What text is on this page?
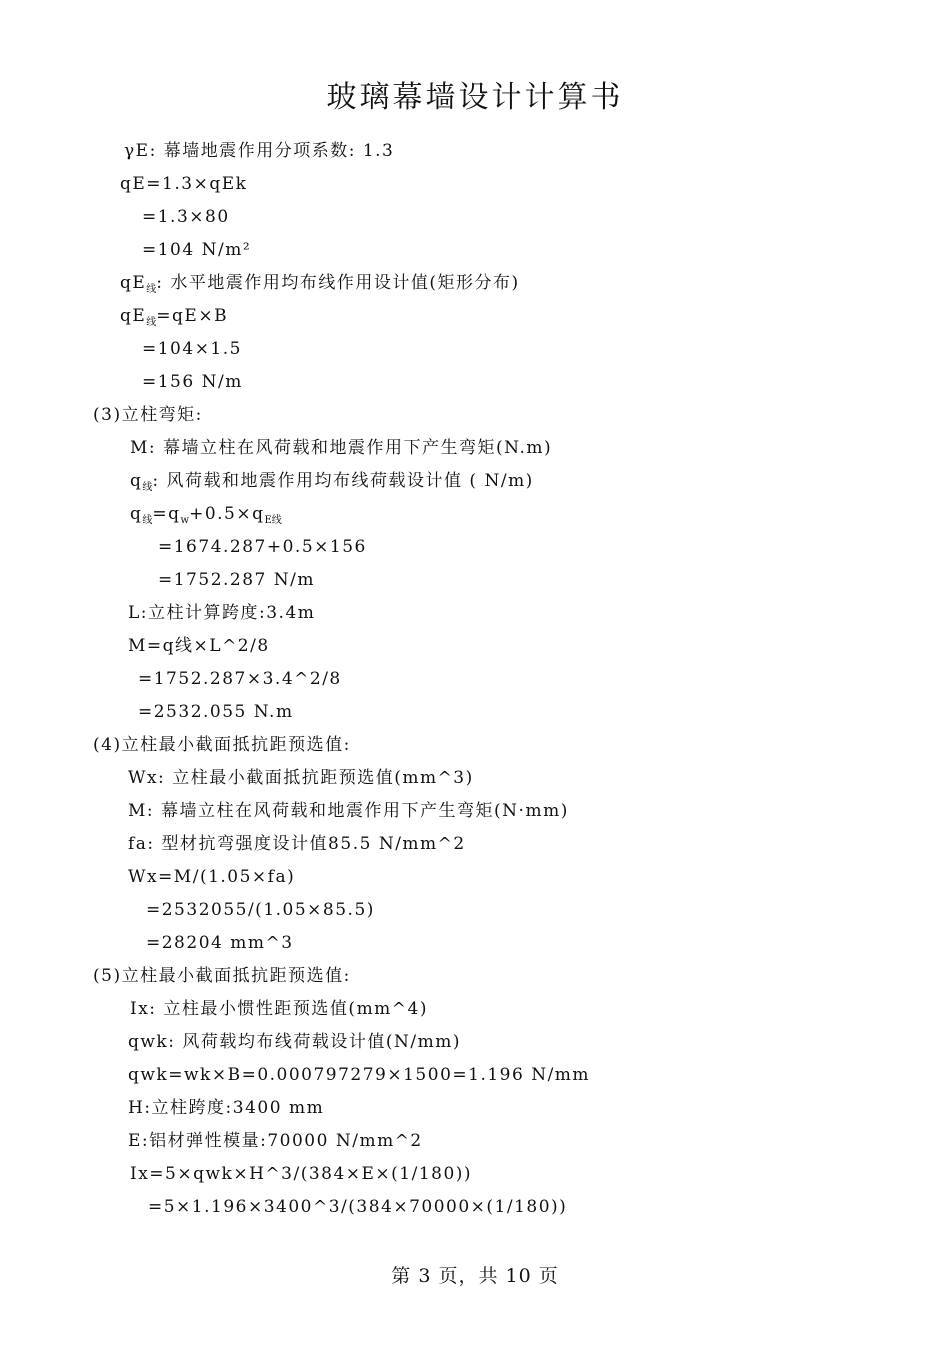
玻璃幕墙设计计算书
γE: 幕墙地震作用分项系数: 1.3
qE=1.3×qEk
=1.3×80
=104 N/m²
$qE_线$: 水平地震作用均布线作用设计值(矩形分布)
$qE_线=qE\times B$
=104×1.5
=156 N/m
(3)立柱弯矩:
M: 幕墙立柱在风荷载和地震作用下产生弯矩(N.m)
$q_线$: 风荷载和地震作用均布线荷载设计值 ( N/m)
$q_线=q_w+0.5\times q_{E线}$
=1674.287+0.5×156
=1752.287 N/m
L:立柱计算跨度:3.4m
M=q线×L^2/8
=1752.287×3.4^2/8
=2532.055 N.m
(4)立柱最小截面抵抗距预选值:
Wx: 立柱最小截面抵抗距预选值(mm^3)
M: 幕墙立柱在风荷载和地震作用下产生弯矩(N·mm)
fa: 型材抗弯强度设计值85.5 N/mm^2
Wx=M/(1.05×fa)
=2532055/(1.05×85.5)
=28204 mm^3
(5)立柱最小截面抵抗距预选值:
Ix: 立柱最小惯性距预选值(mm^4)
qwk: 风荷载均布线荷载设计值(N/mm)
qwk=wk×B=0.000797279×1500=1.196 N/mm
H:立柱跨度:3400 mm
E:铝材弹性模量:70000 N/mm^2
Ix=5×qwk×H^3/(384×E×(1/180))
=5×1.196×3400^3/(384×70000×(1/180))
第 3 页，共 10 页
